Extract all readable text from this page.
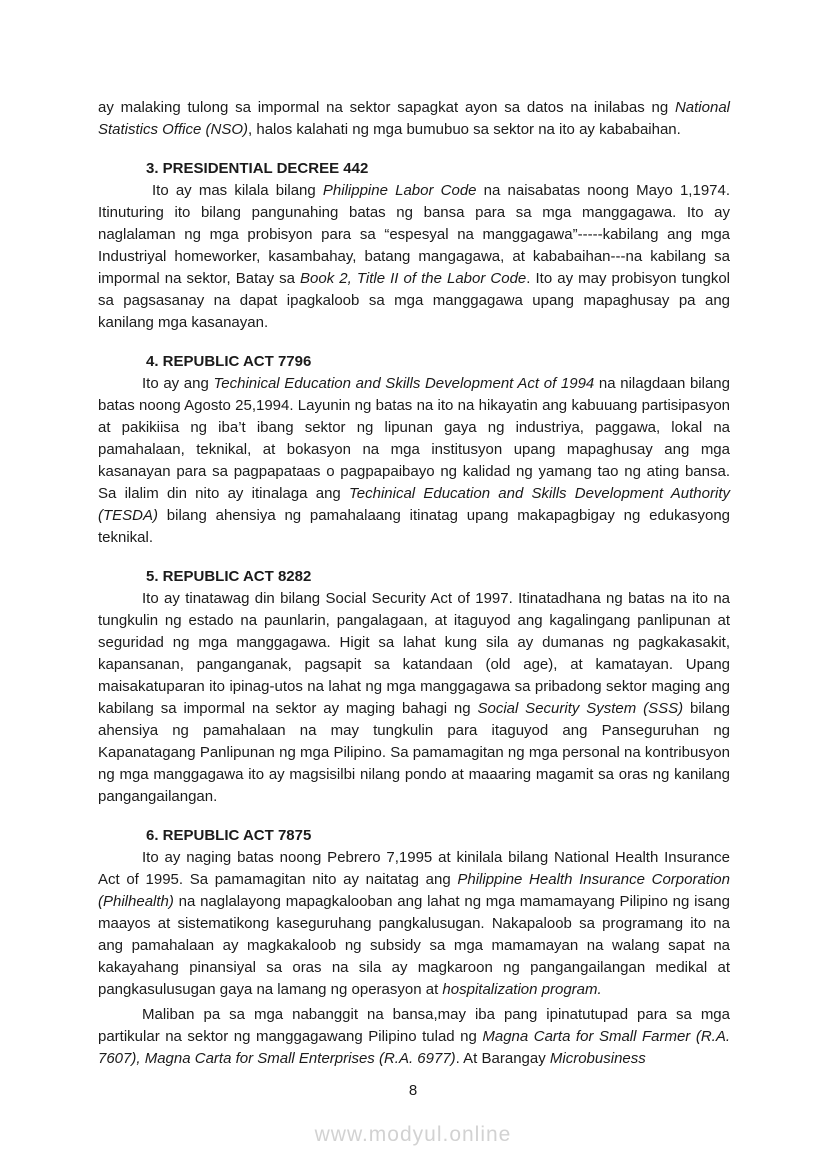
ay malaking tulong sa impormal na sektor sapagkat ayon sa datos na inilabas ng National Statistics Office (NSO), halos kalahati ng mga bumubuo sa sektor na ito ay kababaihan.

3. PRESIDENTIAL DECREE 442

Ito ay mas kilala bilang Philippine Labor Code na naisabatas noong Mayo 1,1974. Itinuturing ito bilang pangunahing batas ng bansa para sa mga manggagawa. Ito ay naglalaman ng mga probisyon para sa “espesyal na manggagawa”-----kabilang ang mga Industriyal homeworker, kasambahay, batang mangagawa, at kababaihan---na kabilang sa impormal na sektor, Batay sa Book 2, Title II of the Labor Code. Ito ay may probisyon tungkol sa pagsasanay na dapat ipagkaloob sa mga manggagawa upang mapaghusay pa ang kanilang mga kasanayan.

4. REPUBLIC ACT 7796

Ito ay ang Techinical Education and Skills Development Act of 1994 na nilagdaan bilang batas noong Agosto 25,1994. Layunin ng batas na ito na hikayatin ang kabuuang partisipasyon at pakikiisa ng iba’t ibang sektor ng lipunan gaya ng industriya, paggawa, lokal na pamahalaan, teknikal, at bokasyon na mga institusyon upang mapaghusay ang mga kasanayan para sa pagpapataas o pagpapaibayo ng kalidad ng yamang tao ng ating bansa. Sa ilalim din nito ay itinalaga ang Techinical Education and Skills Development Authority (TESDA) bilang ahensiya ng pamahalaang itinatag upang makapagbigay ng edukasyong teknikal.

5. REPUBLIC ACT 8282

Ito ay tinatawag din bilang Social Security Act of 1997. Itinatadhana ng batas na ito na tungkulin ng estado na paunlarin, pangalagaan, at itaguyod ang kagalingang panlipunan at seguridad ng mga manggagawa. Higit sa lahat kung sila ay dumanas ng pagkakasakit, kapansanan, panganganak, pagsapit sa katandaan (old age), at kamatayan. Upang maisakatuparan ito ipinag-utos na lahat ng mga manggagawa sa pribadong sektor maging ang kabilang sa impormal na sektor ay maging bahagi ng Social Security System (SSS) bilang ahensiya ng pamahalaan na may tungkulin para itaguyod ang Panseguruhan ng Kapanatagang Panlipunan ng mga Pilipino. Sa pamamagitan ng mga personal na kontribusyon ng mga manggagawa ito ay magsisilbi nilang pondo at maaaring magamit sa oras ng kanilang pangangailangan.

6. REPUBLIC ACT 7875

Ito ay naging batas noong Pebrero 7,1995 at kinilala bilang National Health Insurance Act of 1995. Sa pamamagitan nito ay naitatag ang Philippine Health Insurance Corporation (Philhealth) na naglalayong mapagkalooban ang lahat ng mga mamamayang Pilipino ng isang maayos at sistematikong kaseguruhang pangkalusugan. Nakapaloob sa programang ito na ang pamahalaan ay magkakaloob ng subsidy sa mga mamamayan na walang sapat na kakayahang pinansiyal sa oras na sila ay magkaroon ng pangangailangan medikal at pangkasulusugan gaya na lamang ng operasyon at hospitalization program.

Maliban pa sa mga nabanggit na bansa,may iba pang ipinatutupad para sa mga partikular na sektor ng manggagawang Pilipino tulad ng Magna Carta for Small Farmer (R.A. 7607), Magna Carta for Small Enterprises (R.A. 6977). At Barangay Microbusiness

8
www.modyul.online
